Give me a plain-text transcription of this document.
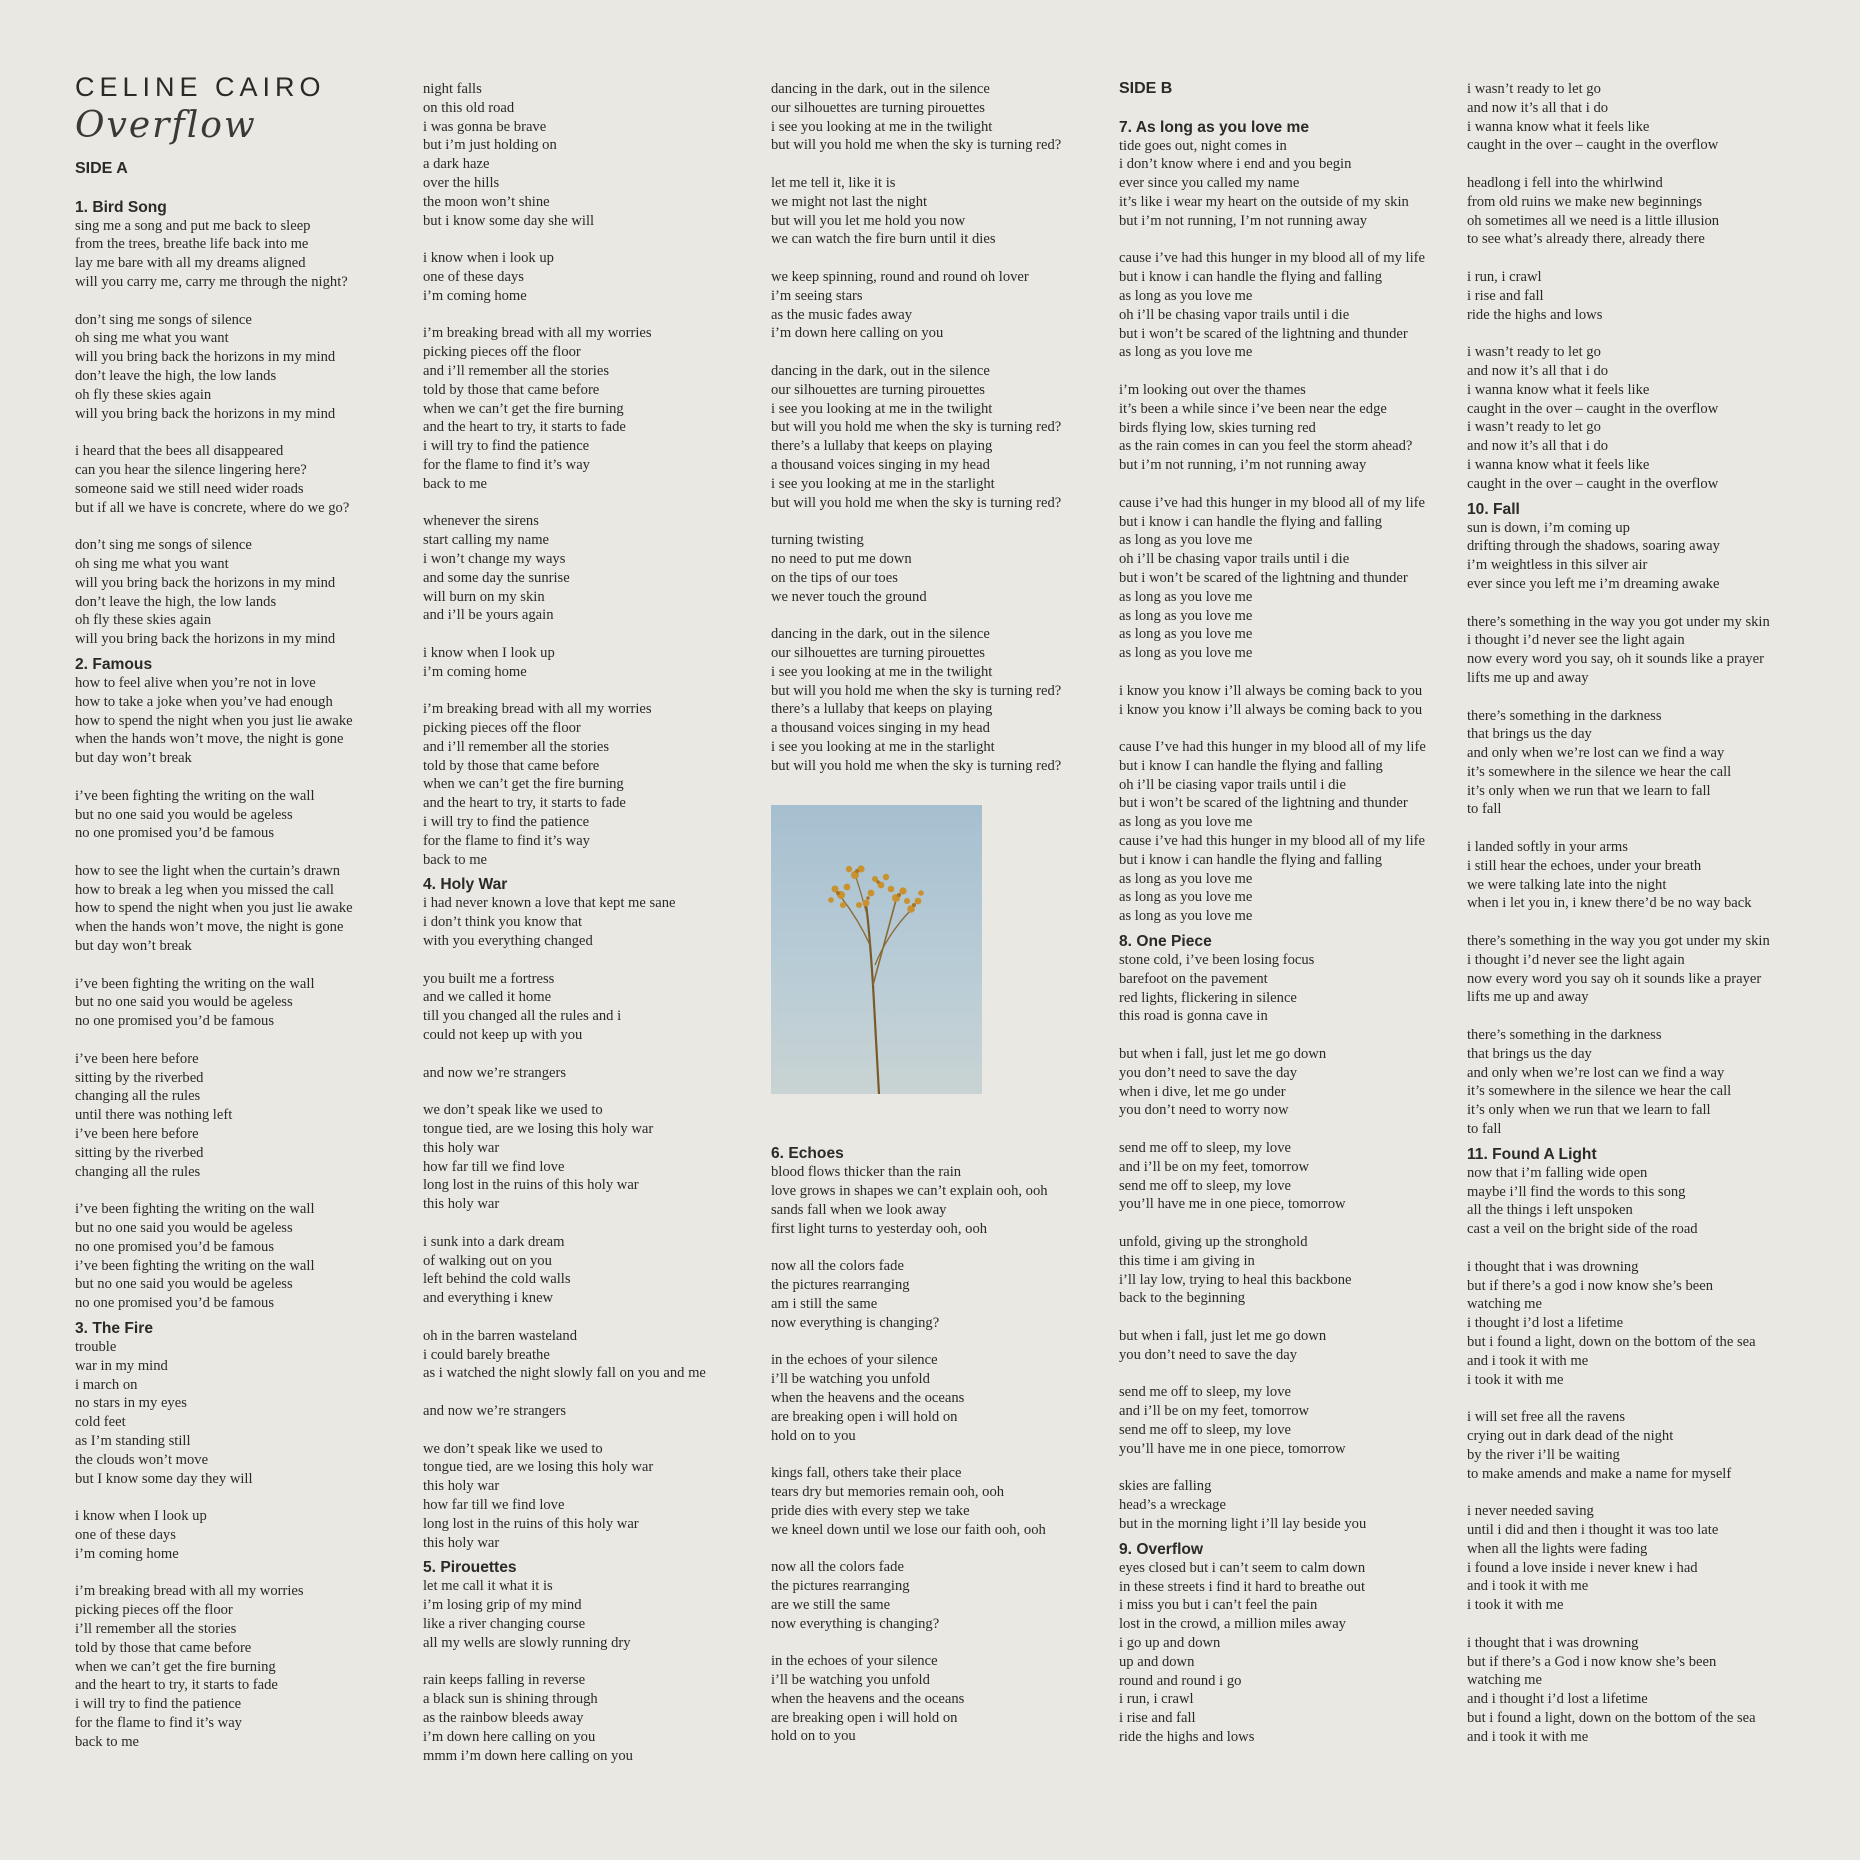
CELINE CAIRO
Overflow
SIDE A
1. Bird Song
sing me a song and put me back to sleep
from the trees, breathe life back into me
lay me bare with all my dreams aligned
will you carry me, carry me through the night?
don’t sing me songs of silence
oh sing me what you want
will you bring back the horizons in my mind
don’t leave the high, the low lands
oh fly these skies again
will you bring back the horizons in my mind
i heard that the bees all disappeared
can you hear the silence lingering here?
someone said we still need wider roads
but if all we have is concrete, where do we go?
don’t sing me songs of silence
oh sing me what you want
will you bring back the horizons in my mind
don’t leave the high, the low lands
oh fly these skies again
will you bring back the horizons in my mind
2. Famous
how to feel alive when you’re not in love
how to take a joke when you’ve had enough
how to spend the night when you just lie awake
when the hands won’t move, the night is gone
but day won’t break
i’ve been fighting the writing on the wall
but no one said you would be ageless
no one promised you’d be famous
how to see the light when the curtain’s drawn
how to break a leg when you missed the call
how to spend the night when you just lie awake
when the hands won’t move, the night is gone
but day won’t break
i’ve been fighting the writing on the wall
but no one said you would be ageless
no one promised you’d be famous
i’ve been here before
sitting by the riverbed
changing all the rules
until there was nothing left
i’ve been here before
sitting by the riverbed
changing all the rules
i’ve been fighting the writing on the wall
but no one said you would be ageless
no one promised you’d be famous
i’ve been fighting the writing on the wall
but no one said you would be ageless
no one promised you’d be famous
3. The Fire
trouble
war in my mind
i march on
no stars in my eyes
cold feet
as I’m standing still
the clouds won’t move
but I know some day they will
i know when I look up
one of these days
i’m coming home
i’m breaking bread with all my worries
picking pieces off the floor
i’ll remember all the stories
told by those that came before
when we can’t get the fire burning
and the heart to try, it starts to fade
i will try to find the patience
for the flame to find it’s way
back to me
night falls
on this old road
i was gonna be brave
but i’m just holding on
a dark haze
over the hills
the moon won’t shine
but i know some day she will
i know when i look up
one of these days
i’m coming home
i’m breaking bread with all my worries
picking pieces off the floor
and i’ll remember all the stories
told by those that came before
when we can’t get the fire burning
and the heart to try, it starts to fade
i will try to find the patience
for the flame to find it’s way
back to me
whenever the sirens
start calling my name
i won’t change my ways
and some day the sunrise
will burn on my skin
and i’ll be yours again
i know when I look up
i’m coming home
i’m breaking bread with all my worries
picking pieces off the floor
and i’ll remember all the stories
told by those that came before
when we can’t get the fire burning
and the heart to try, it starts to fade
i will try to find the patience
for the flame to find it’s way
back to me
4. Holy War
i had never known a love that kept me sane
i don’t think you know that
with you everything changed
you built me a fortress
and we called it home
till you changed all the rules and i
could not keep up with you
and now we’re strangers
we don’t speak like we used to
tongue tied, are we losing this holy war
this holy war
how far till we find love
long lost in the ruins of this holy war
this holy war
i sunk into a dark dream
of walking out on you
left behind the cold walls
and everything i knew
oh in the barren wasteland
i could barely breathe
as i watched the night slowly fall on you and me
and now we’re strangers
we don’t speak like we used to
tongue tied, are we losing this holy war
this holy war
how far till we find love
long lost in the ruins of this holy war
this holy war
5. Pirouettes
let me call it what it is
i’m losing grip of my mind
like a river changing course
all my wells are slowly running dry
rain keeps falling in reverse
a black sun is shining through
as the rainbow bleeds away
i’m down here calling on you
mmm i’m down here calling on you
dancing in the dark, out in the silence
our silhouettes are turning pirouettes
i see you looking at me in the twilight
but will you hold me when the sky is turning red?
let me tell it, like it is
we might not last the night
but will you let me hold you now
we can watch the fire burn until it dies
we keep spinning, round and round oh lover
i’m seeing stars
as the music fades away
i’m down here calling on you
dancing in the dark, out in the silence
our silhouettes are turning pirouettes
i see you looking at me in the twilight
but will you hold me when the sky is turning red?
there’s a lullaby that keeps on playing
a thousand voices singing in my head
i see you looking at me in the starlight
but will you hold me when the sky is turning red?
turning twisting
no need to put me down
on the tips of our toes
we never touch the ground
dancing in the dark, out in the silence
our silhouettes are turning pirouettes
i see you looking at me in the twilight
but will you hold me when the sky is turning red?
there’s a lullaby that keeps on playing
a thousand voices singing in my head
i see you looking at me in the starlight
but will you hold me when the sky is turning red?
6. Echoes
blood flows thicker than the rain
love grows in shapes we can’t explain ooh, ooh
sands fall when we look away
first light turns to yesterday ooh, ooh
now all the colors fade
the pictures rearranging
am i still the same
now everything is changing?
in the echoes of your silence
i’ll be watching you unfold
when the heavens and the oceans
are breaking open i will hold on
hold on to you
kings fall, others take their place
tears dry but memories remain ooh, ooh
pride dies with every step we take
we kneel down until we lose our faith ooh, ooh
now all the colors fade
the pictures rearranging
are we still the same
now everything is changing?
in the echoes of your silence
i’ll be watching you unfold
when the heavens and the oceans
are breaking open i will hold on
hold on to you
SIDE B
7. As long as you love me
tide goes out, night comes in
i don’t know where i end and you begin
ever since you called my name
it’s like i wear my heart on the outside of my skin
but i’m not running, I’m not running away
cause i’ve had this hunger in my blood all of my life
but i know i can handle the flying and falling
as long as you love me
oh i’ll be chasing vapor trails until i die
but i won’t be scared of the lightning and thunder
as long as you love me
i’m looking out over the thames
it’s been a while since i’ve been near the edge
birds flying low, skies turning red
as the rain comes in can you feel the storm ahead?
but i’m not running, i’m not running away
cause i’ve had this hunger in my blood all of my life
but i know i can handle the flying and falling
as long as you love me
oh i’ll be chasing vapor trails until i die
but i won’t be scared of the lightning and thunder
as long as you love me
as long as you love me
as long as you love me
as long as you love me
i know you know i’ll always be coming back to you
i know you know i’ll always be coming back to you
cause I’ve had this hunger in my blood all of my life
but i know I can handle the flying and falling
oh i’ll be ciasing vapor trails until i die
but i won’t be scared of the lightning and thunder
as long as you love me
cause i’ve had this hunger in my blood all of my life
but i know i can handle the flying and falling
as long as you love me
as long as you love me
as long as you love me
8. One Piece
stone cold, i’ve been losing focus
barefoot on the pavement
red lights, flickering in silence
this road is gonna cave in
but when i fall, just let me go down
you don’t need to save the day
when i dive, let me go under
you don’t need to worry now
send me off to sleep, my love
and i’ll be on my feet, tomorrow
send me off to sleep, my love
you’ll have me in one piece, tomorrow
unfold, giving up the stronghold
this time i am giving in
i’ll lay low, trying to heal this backbone
back to the beginning
but when i fall, just let me go down
you don’t need to save the day
send me off to sleep, my love
and i’ll be on my feet, tomorrow
send me off to sleep, my love
you’ll have me in one piece, tomorrow
skies are falling
head’s a wreckage
but in the morning light i’ll lay beside you
9. Overflow
eyes closed but i can’t seem to calm down
in these streets i find it hard to breathe out
i miss you but i can’t feel the pain
lost in the crowd, a million miles away
i go up and down
up and down
round and round i go
i run, i crawl
i rise and fall
ride the highs and lows
i wasn’t ready to let go
and now it’s all that i do
i wanna know what it feels like
caught in the over – caught in the overflow
headlong i fell into the whirlwind
from old ruins we make new beginnings
oh sometimes all we need is a little illusion
to see what’s already there, already there
i run, i crawl
i rise and fall
ride the highs and lows
i wasn’t ready to let go
and now it’s all that i do
i wanna know what it feels like
caught in the over – caught in the overflow
i wasn’t ready to let go
and now it’s all that i do
i wanna know what it feels like
caught in the over – caught in the overflow
10. Fall
sun is down, i’m coming up
drifting through the shadows, soaring away
i’m weightless in this silver air
ever since you left me i’m dreaming awake
there’s something in the way you got under my skin
i thought i’d never see the light again
now every word you say, oh it sounds like a prayer
lifts me up and away
there’s something in the darkness
that brings us the day
and only when we’re lost can we find a way
it’s somewhere in the silence we hear the call
it’s only when we run that we learn to fall
to fall
i landed softly in your arms
i still hear the echoes, under your breath
we were talking late into the night
when i let you in, i knew there’d be no way back
there’s something in the way you got under my skin
i thought i’d never see the light again
now every word you say oh it sounds like a prayer
lifts me up and away
there’s something in the darkness
that brings us the day
and only when we’re lost can we find a way
it’s somewhere in the silence we hear the call
it’s only when we run that we learn to fall
to fall
11. Found A Light
now that i’m falling wide open
maybe i’ll find the words to this song
all the things i left unspoken
cast a veil on the bright side of the road
i thought that i was drowning
but if there’s a god i now know she’s been
watching me
i thought i’d lost a lifetime
but i found a light, down on the bottom of the sea
and i took it with me
i took it with me
i will set free all the ravens
crying out in dark dead of the night
by the river i’ll be waiting
to make amends and make a name for myself
i never needed saving
until i did and then i thought it was too late
when all the lights were fading
i found a love inside i never knew i had
and i took it with me
i took it with me
i thought that i was drowning
but if there’s a God i now know she’s been
watching me
and i thought i’d lost a lifetime
but i found a light, down on the bottom of the sea
and i took it with me
